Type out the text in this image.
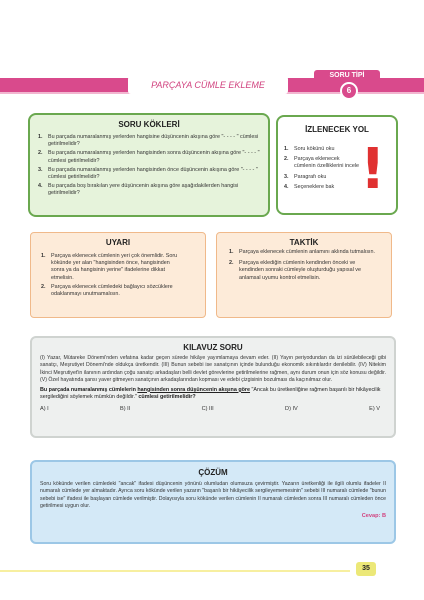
PARÇAYA CÜMLE EKLEME
SORU TİPİ
6
SORU KÖKLERİ
1.	Bu parçada numaralanmış yerlerden hangisine düşüncenin akışına göre "- - - - " cümlesi getirilmelidir?
2.	Bu parçada numaralanmış yerlerden hangisinden sonra düşüncenin akışına göre "- - - - " cümlesi getirilmelidir?
3.	Bu parçada numaralanmış yerlerden hangisinden önce düşüncenin akışına göre "- - - - " cümlesi getirilmelidir?
4.	Bu parçada boş bırakılan yere düşüncenin akışına göre aşağıdakilerden hangisi getirilmelidir?
İZLENECEK YOL
1.	Soru kökünü oku
2.	Parçaya eklenecek cümlenin özelliklerini incele
3.	Paragrafı oku
4.	Seçeneklere bak !
UYARI
1.	Parçaya eklenecek cümlenin yeri çok önemlidir. Soru kökünde yer alan "hangisinden önce, hangisinden sonra ya da hangisinin yerine" ifadelerine dikkat etmelisin.
2.	Parçaya eklenecek cümledeki bağlayıcı sözcüklere odaklanmayı unutmamalısın.
TAKTİK
1.	Parçaya eklenecek cümlenin anlamını aklında tutmalısın.
2.	Parçaya eklediğin cümlenin kendinden önceki ve kendinden sonraki cümleyle oluşturduğu yapısal ve anlamsal uyumu kontrol etmelisin.
KILAVUZ SORU
(I) Yazar, Mütareke Dönemi'nden vefatına kadar geçen sürede hikâye yayımlamaya devam eder. (II) Yayın periyodundan da izi sürülebileceği gibi sanatçı, Meşrutiyet Dönemi'nde oldukça üretkendir. (III) Bunun sebebi ise sanatçının içinde bulunduğu ekonomik sıkıntılardır denilebilir. (IV) Nitekim İkinci Meşrutiyet'in ilanının ardından çoğu sanatçı arkadaşları belli devlet görevlerine getirilmelerine rağmen, aynı durum onun için söz konusu değildir. (V) Özel hayatında şansı yaver gitmeyen sanatçının arkadaşlarından kopması ve edebi çizgisinin bozulması da kaçınılmaz olur.
Bu parçada numaralanmış cümlelerin hangisinden sonra düşüncenin akışına göre "Ancak bu üretkenliğine rağmen başarılı bir hikâyecilik sergilediğini söylemek mümkün değildir." cümlesi getirilmelidir?
A) I	B) II	C) III	D) IV	E) V
ÇÖZÜM
Soru kökünde verilen cümledeki "ancak" ifadesi düşüncenin yönünü olumludan olumsuza çevirmiştir. Yazarın üretkenliği ile ilgili olumlu ifadeler II numaralı cümlede yer almaktadır. Ayrıca soru kökünde verilen yazarın "başarılı bir hikâyecilik sergileyememesinin" sebebi III numaralı cümlede "bunun sebebi ise" ifadesi ile başlayan cümlede verilmiştir. Dolayısıyla soru kökünde verilen cümlenin II numaralı cümleden sonra III numaralı cümleden önce getirilmesi uygun olur.
Cevap: B
35
